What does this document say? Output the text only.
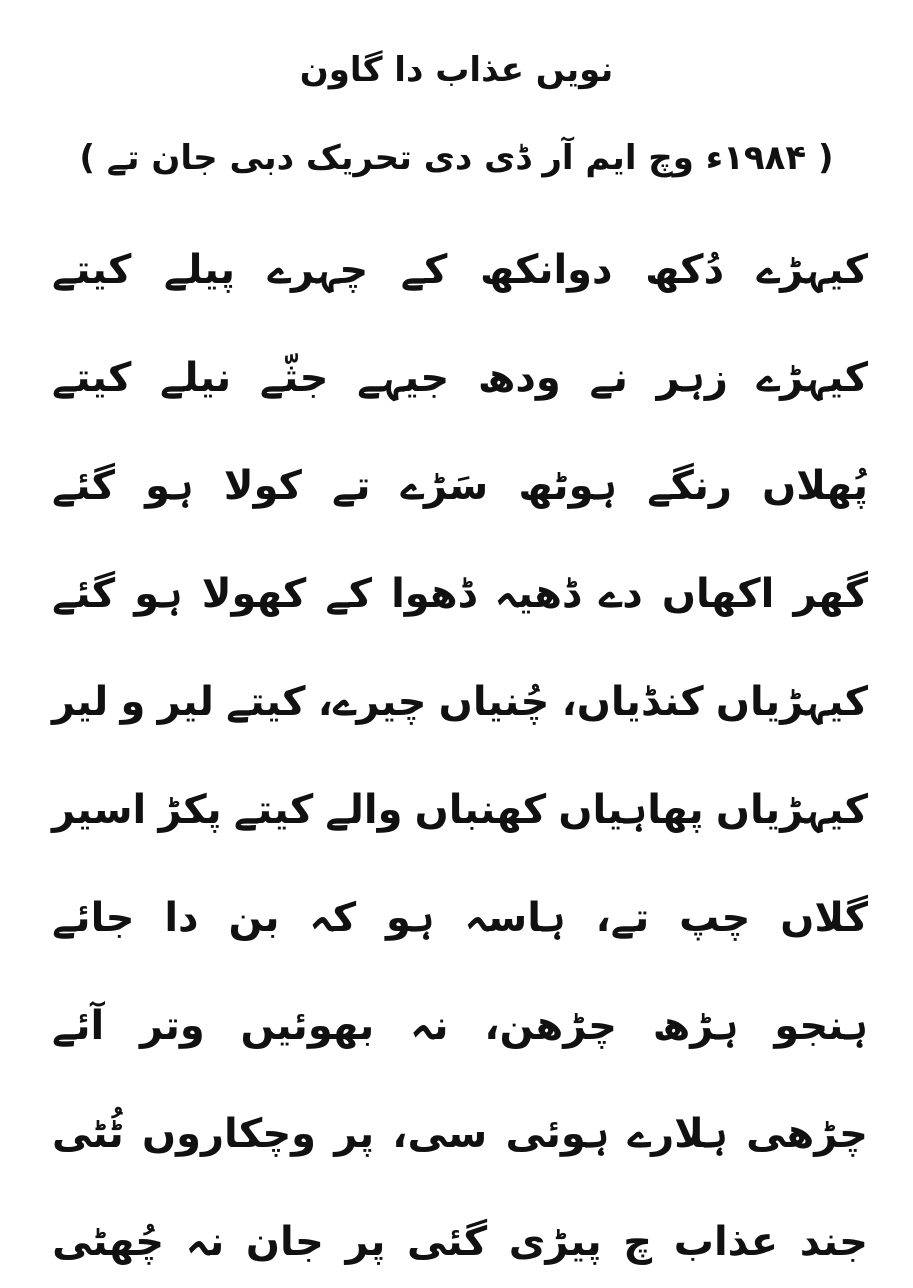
نویں عذاب دا گاون
( ۱۹۸۴ء وچ ایم آر ڈی دی تحریک دبی جان تے )
کیہڑے
دُکھ
دوانکھ
کے
چہرے
پیلے
کیتے
کیہڑے
زہر
نے
ودھ
جیہے
جثّے
نیلے
کیتے
پُھلاں
رنگے
ہوٹھ
سَڑے
تے
کولا
ہو
گئے
گھر
اکھاں
دے
ڈھیہ
ڈھوا
کے
کھولا
ہو
گئے
کیہڑیاں
کنڈیاں،
چُنیاں
چیرے،
کیتے
لیر
و
لیر
کیہڑیاں
پھاہیاں
کھنباں
والے
کیتے
پکڑ
اسیر
گلاں
چپ
تے،
ہاسہ
ہو
کہ
بن
دا
جائے
ہنجو
ہڑھ
چڑھن،
نہ
بھوئیں
وتر
آئے
چڑھی
ہلارے
ہوئی
سی،
پر
وچکاروں
ٹُٹی
جند
عذاب
چ
پیڑی
گئی
پر
جان
نہ
چُھٹی
